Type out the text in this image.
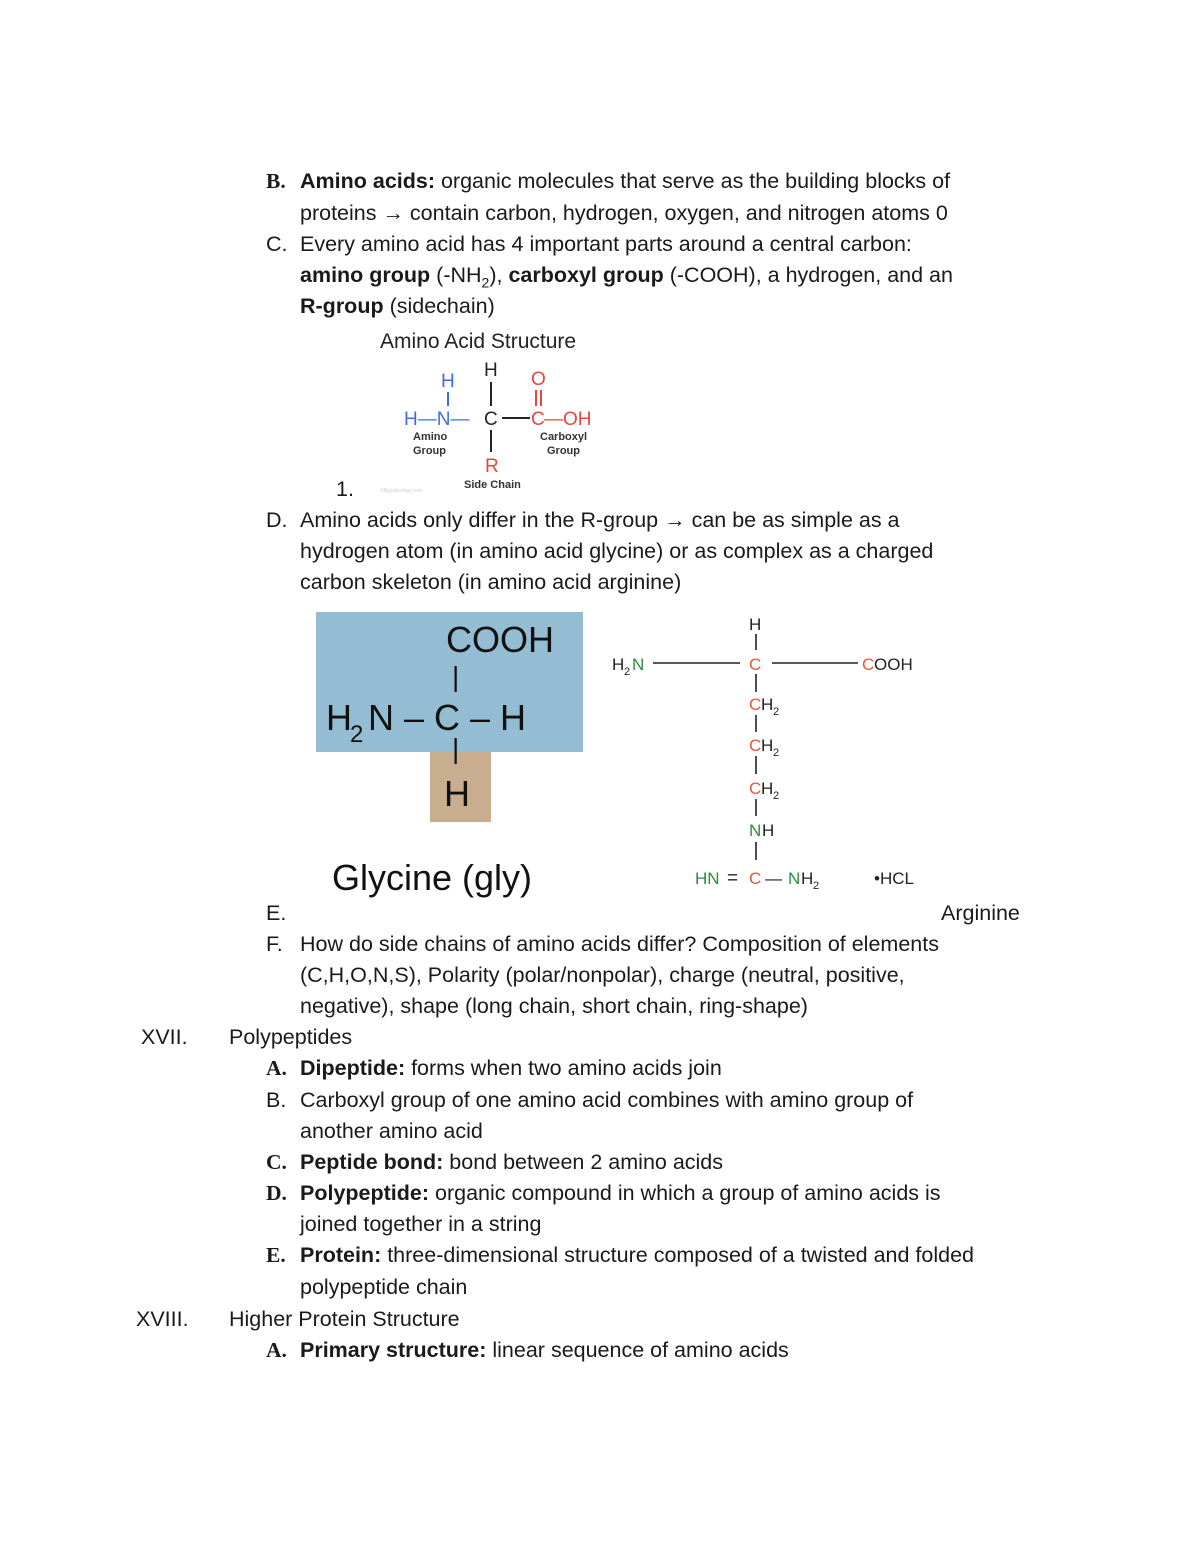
B. Amino acids: organic molecules that serve as the building blocks of
proteins → contain carbon, hydrogen, oxygen, and nitrogen atoms 0
C. Every amino acid has 4 important parts around a central carbon:
amino group $(-NH_2)$, carboxyl group (-COOH), a hydrogen, and an
R-group (sidechain)
Amino Acid Structure
H
H—N—
H
C
O
C —OH
Amino
Group
Carboxyl
Group
R
Side Chain
©Byjusbiology.com
1.
D. Amino acids only differ in the R-group → can be as simple as a
hydrogen atom (in amino acid glycine) or as complex as a charged
carbon skeleton (in amino acid arginine)
COOH
|
H
2 N – C – H
|
H
Glycine (gly)
H
H 2 N	C	C OOH
C H 2
C H 2
C H 2
N H
HN = C — N H 2	•HCL
E.	Arginine
F. How do side chains of amino acids differ? Composition of elements
(C,H,O,N,S), Polarity (polar/nonpolar), charge (neutral, positive,
negative), shape (long chain, short chain, ring-shape)
XVII. Polypeptides
A. Dipeptide: forms when two amino acids join
B. Carboxyl group of one amino acid combines with amino group of
another amino acid
C. Peptide bond: bond between 2 amino acids
D. Polypeptide: organic compound in which a group of amino acids is
joined together in a string
E. Protein: three-dimensional structure composed of a twisted and folded
polypeptide chain
XVIII. Higher Protein Structure
A. Primary structure: linear sequence of amino acids
